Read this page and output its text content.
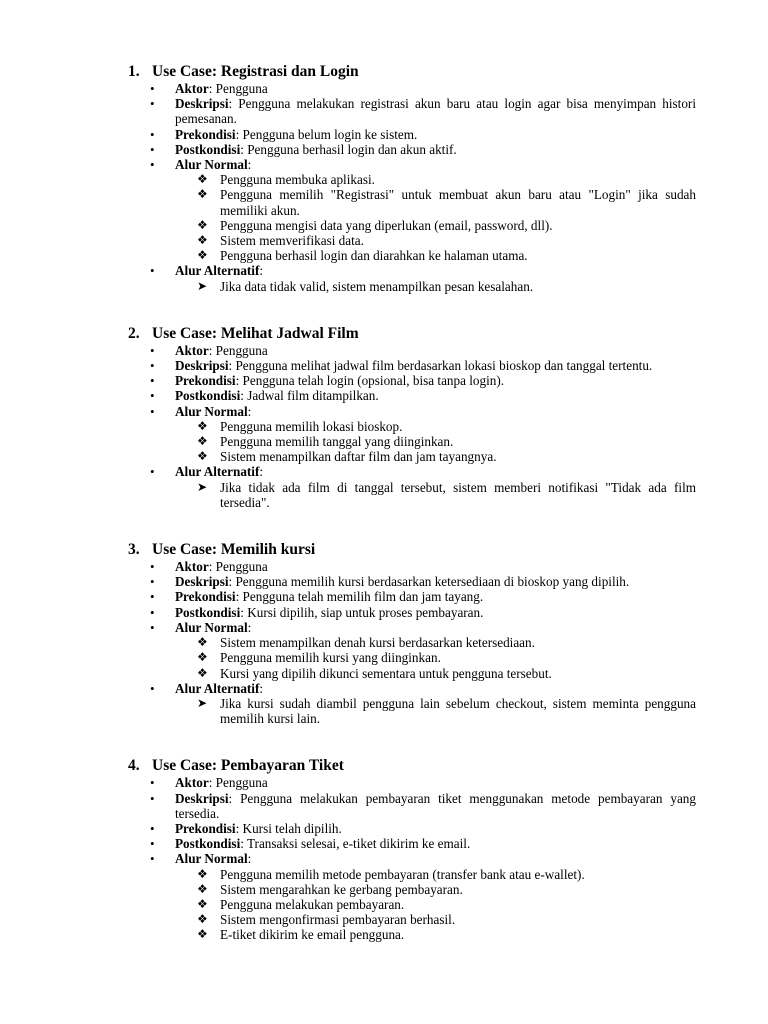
1. Use Case: Registrasi dan Login
• Aktor: Pengguna
• Deskripsi: Pengguna melakukan registrasi akun baru atau login agar bisa menyimpan histori pemesanan.
• Prekondisi: Pengguna belum login ke sistem.
• Postkondisi: Pengguna berhasil login dan akun aktif.
• Alur Normal:
❖ Pengguna membuka aplikasi.
❖ Pengguna memilih "Registrasi" untuk membuat akun baru atau "Login" jika sudah memiliki akun.
❖ Pengguna mengisi data yang diperlukan (email, password, dll).
❖ Sistem memverifikasi data.
❖ Pengguna berhasil login dan diarahkan ke halaman utama.
• Alur Alternatif:
➤ Jika data tidak valid, sistem menampilkan pesan kesalahan.
2. Use Case: Melihat Jadwal Film
• Aktor: Pengguna
• Deskripsi: Pengguna melihat jadwal film berdasarkan lokasi bioskop dan tanggal tertentu.
• Prekondisi: Pengguna telah login (opsional, bisa tanpa login).
• Postkondisi: Jadwal film ditampilkan.
• Alur Normal:
❖ Pengguna memilih lokasi bioskop.
❖ Pengguna memilih tanggal yang diinginkan.
❖ Sistem menampilkan daftar film dan jam tayangnya.
• Alur Alternatif:
➤ Jika tidak ada film di tanggal tersebut, sistem memberi notifikasi "Tidak ada film tersedia".
3. Use Case: Memilih kursi
• Aktor: Pengguna
• Deskripsi: Pengguna memilih kursi berdasarkan ketersediaan di bioskop yang dipilih.
• Prekondisi: Pengguna telah memilih film dan jam tayang.
• Postkondisi: Kursi dipilih, siap untuk proses pembayaran.
• Alur Normal:
❖ Sistem menampilkan denah kursi berdasarkan ketersediaan.
❖ Pengguna memilih kursi yang diinginkan.
❖ Kursi yang dipilih dikunci sementara untuk pengguna tersebut.
• Alur Alternatif:
➤ Jika kursi sudah diambil pengguna lain sebelum checkout, sistem meminta pengguna memilih kursi lain.
4. Use Case: Pembayaran Tiket
• Aktor: Pengguna
• Deskripsi: Pengguna melakukan pembayaran tiket menggunakan metode pembayaran yang tersedia.
• Prekondisi: Kursi telah dipilih.
• Postkondisi: Transaksi selesai, e-tiket dikirim ke email.
• Alur Normal:
❖ Pengguna memilih metode pembayaran (transfer bank atau e-wallet).
❖ Sistem mengarahkan ke gerbang pembayaran.
❖ Pengguna melakukan pembayaran.
❖ Sistem mengonfirmasi pembayaran berhasil.
❖ E-tiket dikirim ke email pengguna.
